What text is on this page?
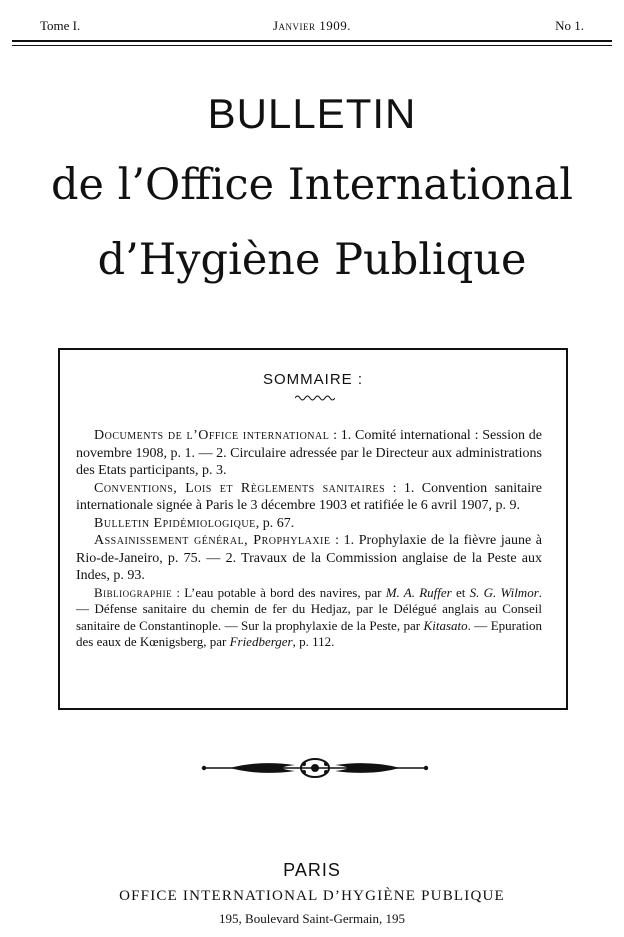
Tome I.	Janvier 1909.	No 1.
BULLETIN
de l’Office International
d’Hygiène Publique
SOMMAIRE :

Documents de l’Office international : 1. Comité international : Session de novembre 1908, p. 1. — 2. Circulaire adressée par le Directeur aux administrations des Etats participants, p. 3.

Conventions, Lois et Règlements sanitaires : 1. Convention sanitaire internationale signée à Paris le 3 décembre 1903 et ratifiée le 6 avril 1907, p. 9.

Bulletin Epidémiologique, p. 67.

Assainissement général, Prophylaxie : 1. Prophylaxie de la fièvre jaune à Rio-de-Janeiro, p. 75. — 2. Travaux de la Commission anglaise de la Peste aux Indes, p. 93.

Bibliographie : L’eau potable à bord des navires, par M. A. Ruffer et S. G. Wilmor. — Défense sanitaire du chemin de fer du Hedjaz, par le Délégué anglais au Conseil sanitaire de Constantinople. — Sur la prophylaxie de la Peste, par Kitasato. — Epuration des eaux de Kœnigsberg, par Friedberger, p. 112.

PARIS
OFFICE INTERNATIONAL D’HYGIÈNE PUBLIQUE
195, Boulevard Saint-Germain, 195
